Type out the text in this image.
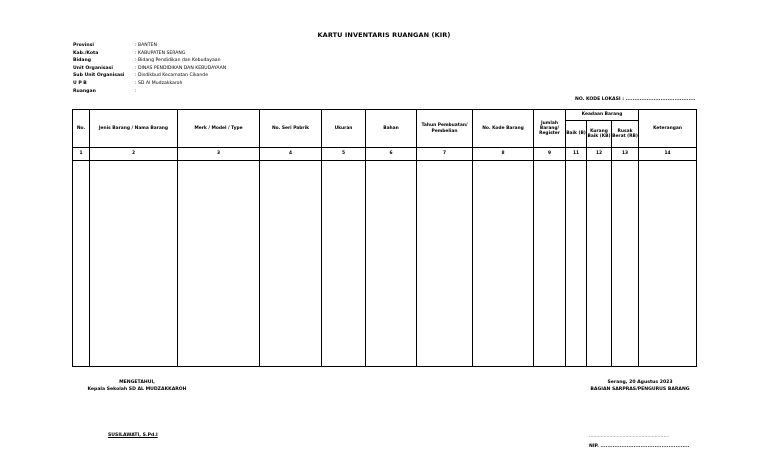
KARTU INVENTARIS RUANGAN (KIR)
Provinsi	: BANTEN
Kab./Kota	: KABUPATEN SERANG
Bidang	: Bidang Pendidikan dan Kebudayaan
Unit Organisasi	: DINAS PENDIDIKAN DAN KEBUDAYAAN
Sub Unit Organisasi	: Disdikbud Kecamatan Cikande
U P B	: SD Al Mudzakkaroh
Ruangan	:
NO. KODE LOKASI : ........................................
No.	Jenis Barang / Nama Barang	Merk / Model / Type	No. Seri Pabrik	Ukuran	Bahan	Tahun Pembuatan/ Pembelian	No. Kode Barang	Jumlah Barang/ Register	Keadaan Barang			Keterangan
									Baik (B)	Kurang Baik (KB)	Rusak Berat (RB)	
1	2	3	4	5	6	7	8	9	11	12	13	14

MENGETAHUI,
Kepala Sekolah SD AL MUDZAKKAROH
SUSILAWATI, S.Pd.I
Serang, 20 Agustus 2023
BAGIAN SARPRAS/PENGURUS BARANG
.......................................................
NIP. ...................................................
